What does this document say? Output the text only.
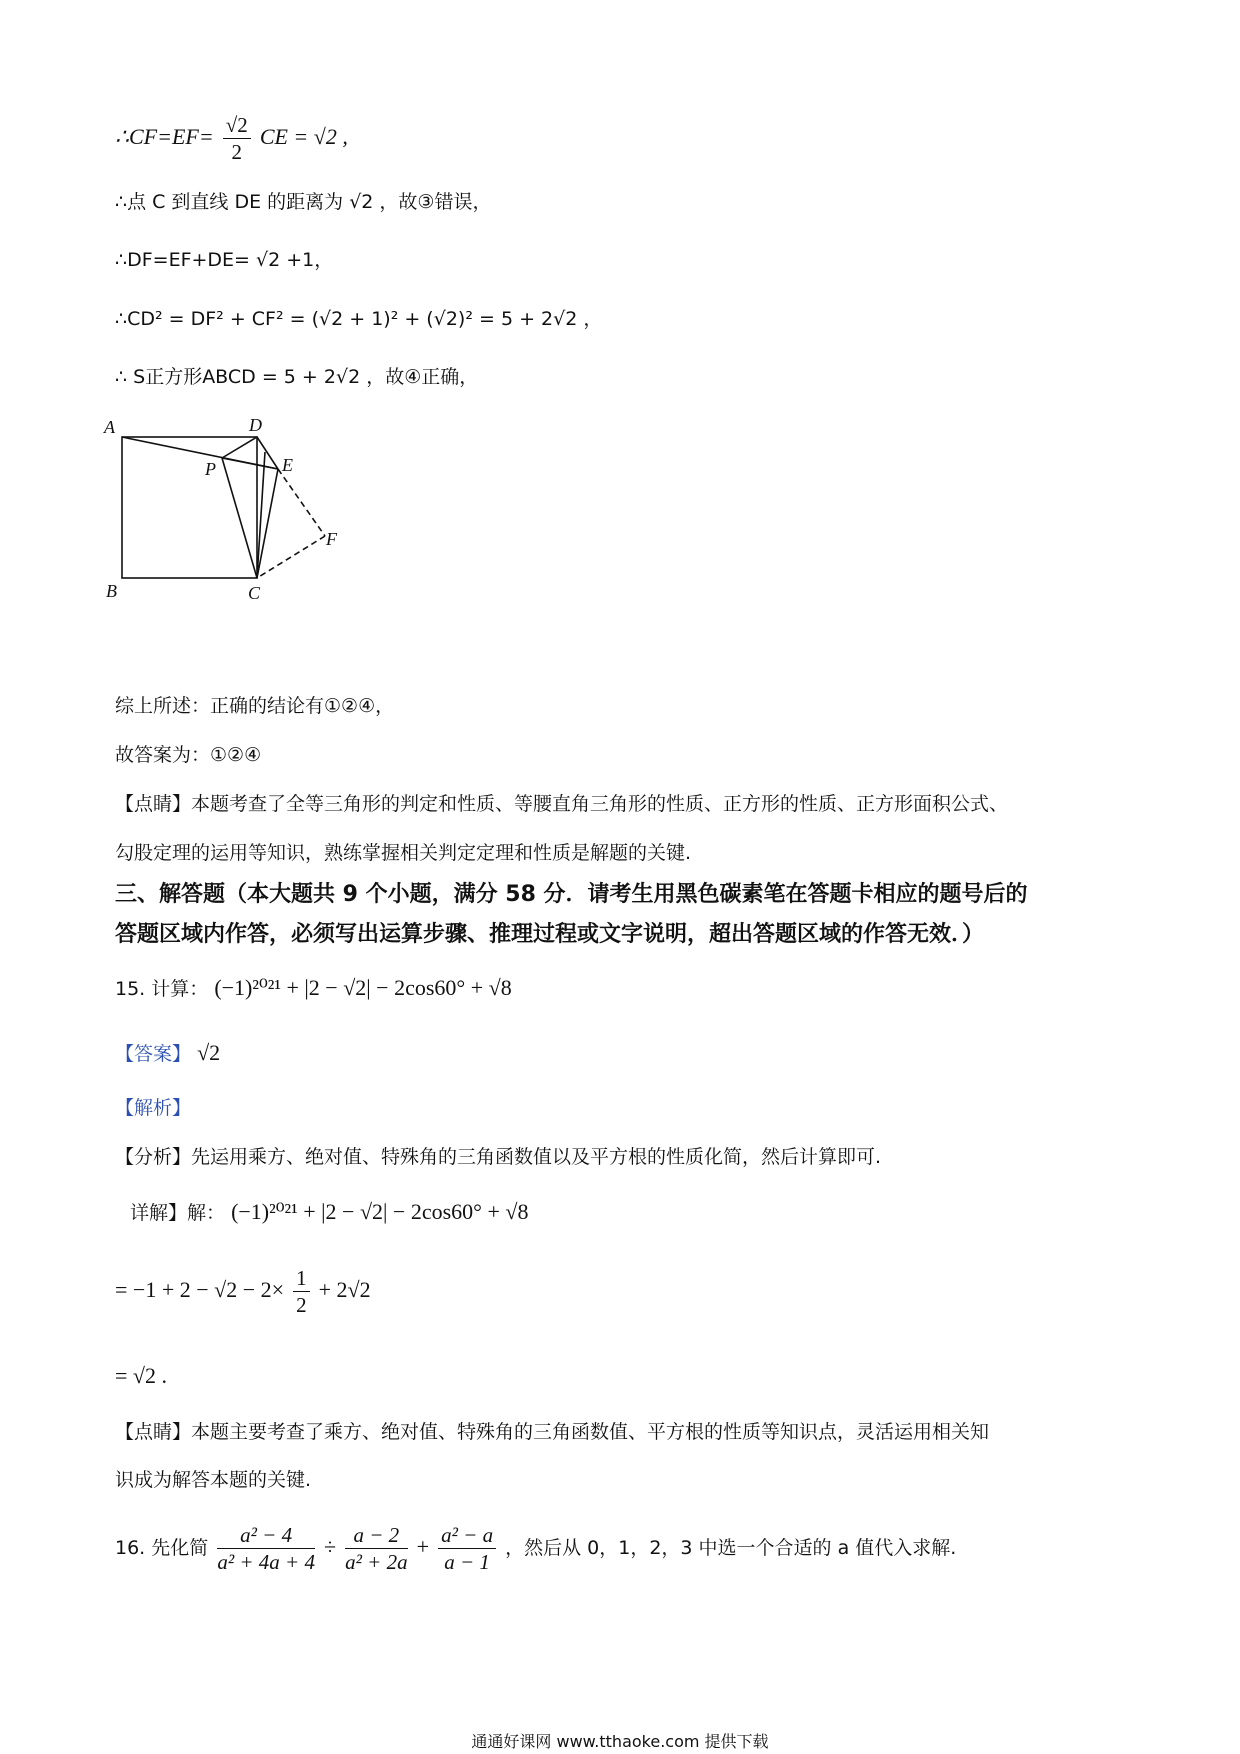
∴CF=EF= $\frac{√2}{2}$ CE = √2 ,
∴点 C 到直线 DE 的距离为 √2 ，故③错误，
∴DF=EF+DE= √2 +1，
∴CD² = DF² + CF² = (√2 + 1)² + (√2)² = 5 + 2√2 ，
∴ S正方形ABCD = 5 + 2√2 ，故④正确，
A
B	C
D
E
F
P
综上所述：正确的结论有①②④，
故答案为：①②④
【点睛】本题考查了全等三角形的判定和性质、等腰直角三角形的性质、正方形的性质、正方形面积公式、
勾股定理的运用等知识，熟练掌握相关判定定理和性质是解题的关键.
三、解答题（本大题共 9 个小题，满分 58 分．请考生用黑色碳素笔在答题卡相应的题号后的
答题区域内作答，必须写出运算步骤、推理过程或文字说明，超出答题区域的作答无效．）
15. 计算： (−1)²⁰²¹ + |2 − √2| − 2cos60° + √8
【答案】 √2
【解析】
【分析】先运用乘方、绝对值、特殊角的三角函数值以及平方根的性质化简，然后计算即可.
详解】解： (−1)²⁰²¹ + |2 − √2| − 2cos60° + √8
= $-1 + 2 - √2 - 2\times \frac{1}{2} + 2√2$
= √2 .
【点睛】本题主要考查了乘方、绝对值、特殊角的三角函数值、平方根的性质等知识点，灵活运用相关知
识成为解答本题的关键.
16. 先化简 $\frac{\text{a² − 4}}{\text{a² + 4a + 4}} \div \frac{a - 2}{\text{a² + 2a}} + \frac{\text{a² − a}}{a - 1}$ ，然后从 0，1，2，3 中选一个合适的 a 值代入求解.
通通好课网 www.tthaoke.com 提供下载
